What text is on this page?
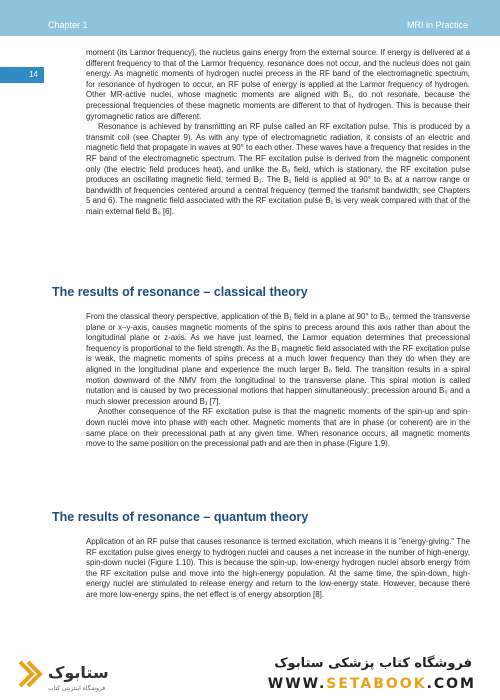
Chapter 1	MRI in Practice
14

moment (its Larmor frequency), the nucleus gains energy from the external source. If energy is delivered at a different frequency to that of the Larmor frequency, resonance does not occur, and the nucleus does not gain energy. As magnetic moments of hydrogen nuclei precess in the RF band of the electromagnetic spectrum, for resonance of hydrogen to occur, an RF pulse of energy is applied at the Larmor frequency of hydrogen. Other MR-active nuclei, whose magnetic moments are aligned with B₀, do not resonate, because the precessional frequencies of these magnetic moments are different to that of hydrogen. This is because their gyromagnetic ratios are different.

Resonance is achieved by transmitting an RF pulse called an RF excitation pulse. This is produced by a transmit coil (see Chapter 9). As with any type of electromagnetic radiation, it consists of an electric and magnetic field that propagate in waves at 90° to each other. These waves have a frequency that resides in the RF band of the electromagnetic spectrum. The RF excitation pulse is derived from the magnetic component only (the electric field produces heat), and unlike the B₀ field, which is stationary, the RF excitation pulse produces an oscillating magnetic field, termed B₁. The B₁ field is applied at 90° to B₀ at a narrow range or bandwidth of frequencies centered around a central frequency (termed the transmit bandwidth; see Chapters 5 and 6). The magnetic field associated with the RF excitation pulse B₁ is very weak compared with that of the main external field B₀ [6].

The results of resonance – classical theory

From the classical theory perspective, application of the B₁ field in a plane at 90° to B₀, termed the transverse plane or x–y-axis, causes magnetic moments of the spins to precess around this axis rather than about the longitudinal plane or z-axis. As we have just learned, the Larmor equation determines that precessional frequency is proportional to the field strength. As the B₁ magnetic field associated with the RF excitation pulse is weak, the magnetic moments of spins precess at a much lower frequency than they do when they are aligned in the longitudinal plane and experience the much larger B₀ field. The transition results in a spiral motion downward of the NMV from the longitudinal to the transverse plane. This spiral motion is called nutation and is caused by two precessional motions that happen simultaneously; precession around B₀ and a much slower precession around B₁ [7].

Another consequence of the RF excitation pulse is that the magnetic moments of the spin-up and spin-down nuclei move into phase with each other. Magnetic moments that are in phase (or coherent) are in the same place on their precessional path at any given time. When resonance occurs, all magnetic moments move to the same position on the precessional path and are then in phase (Figure 1.9).

The results of resonance – quantum theory

Application of an RF pulse that causes resonance is termed excitation, which means it is "energy-giving." The RF excitation pulse gives energy to hydrogen nuclei and causes a net increase in the number of high-energy, spin-down nuclei (Figure 1.10). This is because the spin-up, low-energy hydrogen nuclei absorb energy from the RF excitation pulse and move into the high-energy population. At the same time, the spin-down, high-energy nuclei are stimulated to release energy and return to the low-energy state. However, because there are more low-energy spins, the net effect is of energy absorption [8].

ستابوک
فروشگاه اینترنتی کتاب
فروشگاه کتاب پزشکی ستابوک
WWW.SETABOOK.COM
